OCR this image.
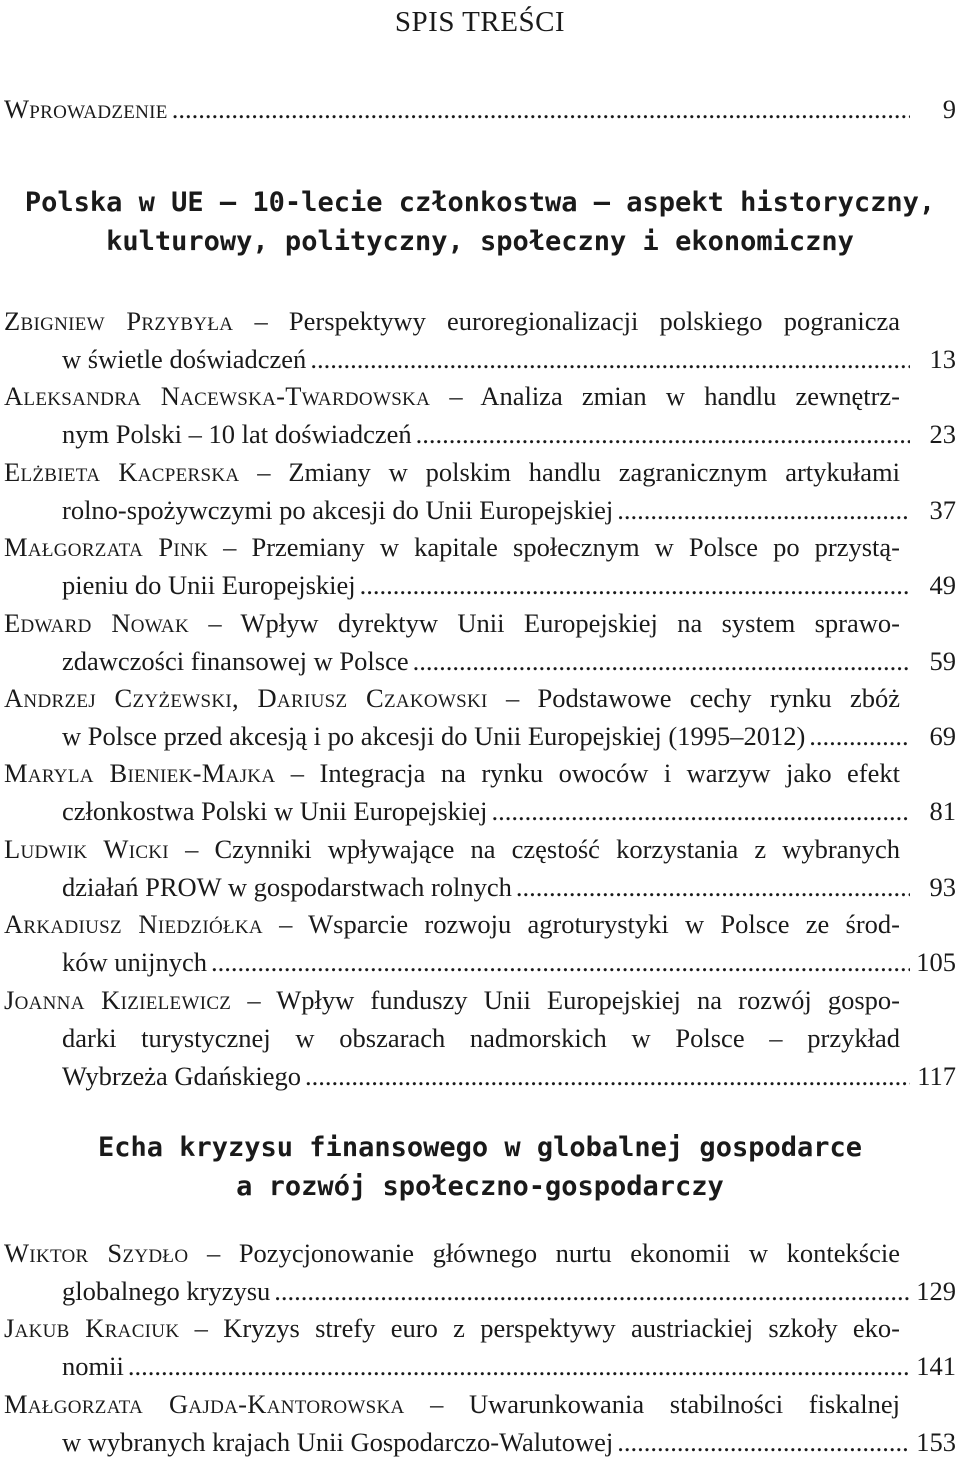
SPIS TREŚCI
Wprowadzenie .....	9
Polska w UE – 10-lecie członkostwa – aspekt historyczny,
kulturowy, polityczny, społeczny i ekonomiczny
Zbigniew Przybyła – Perspektywy euroregionalizacji polskiego pogranicza
w świetle doświadczeń .....	13
Aleksandra Nacewska-Twardowska – Analiza zmian w handlu zewnętrz-
nym Polski – 10 lat doświadczeń .....	23
Elżbieta Kacperska – Zmiany w polskim handlu zagranicznym artykułami
rolno-spożywczymi po akcesji do Unii Europejskiej .....	37
Małgorzata Pink – Przemiany w kapitale społecznym w Polsce po przystą-
pieniu do Unii Europejskiej .....	49
Edward Nowak – Wpływ dyrektyw Unii Europejskiej na system sprawo-
zdawczości finansowej w Polsce .....	59
Andrzej Czyżewski, Dariusz Czakowski – Podstawowe cechy rynku zbóż
w Polsce przed akcesją i po akcesji do Unii Europejskiej (1995–2012) .....	69
Maryla Bieniek-Majka – Integracja na rynku owoców i warzyw jako efekt
członkostwa Polski w Unii Europejskiej .....	81
Ludwik Wicki – Czynniki wpływające na częstość korzystania z wybranych
działań PROW w gospodarstwach rolnych .....	93
Arkadiusz Niedziółka – Wsparcie rozwoju agroturystyki w Polsce ze środ-
ków unijnych .....	105
Joanna Kizielewicz – Wpływ funduszy Unii Europejskiej na rozwój gospo-
darki turystycznej w obszarach nadmorskich w Polsce – przykład
Wybrzeża Gdańskiego .....	117
Echa kryzysu finansowego w globalnej gospodarce
a rozwój społeczno-gospodarczy
Wiktor Szydło – Pozycjonowanie głównego nurtu ekonomii w kontekście
globalnego kryzysu .....	129
Jakub Kraciuk – Kryzys strefy euro z perspektywy austriackiej szkoły eko-
nomii .....	141
Małgorzata Gajda-Kantorowska – Uwarunkowania stabilności fiskalnej
w wybranych krajach Unii Gospodarczo-Walutowej .....	153
